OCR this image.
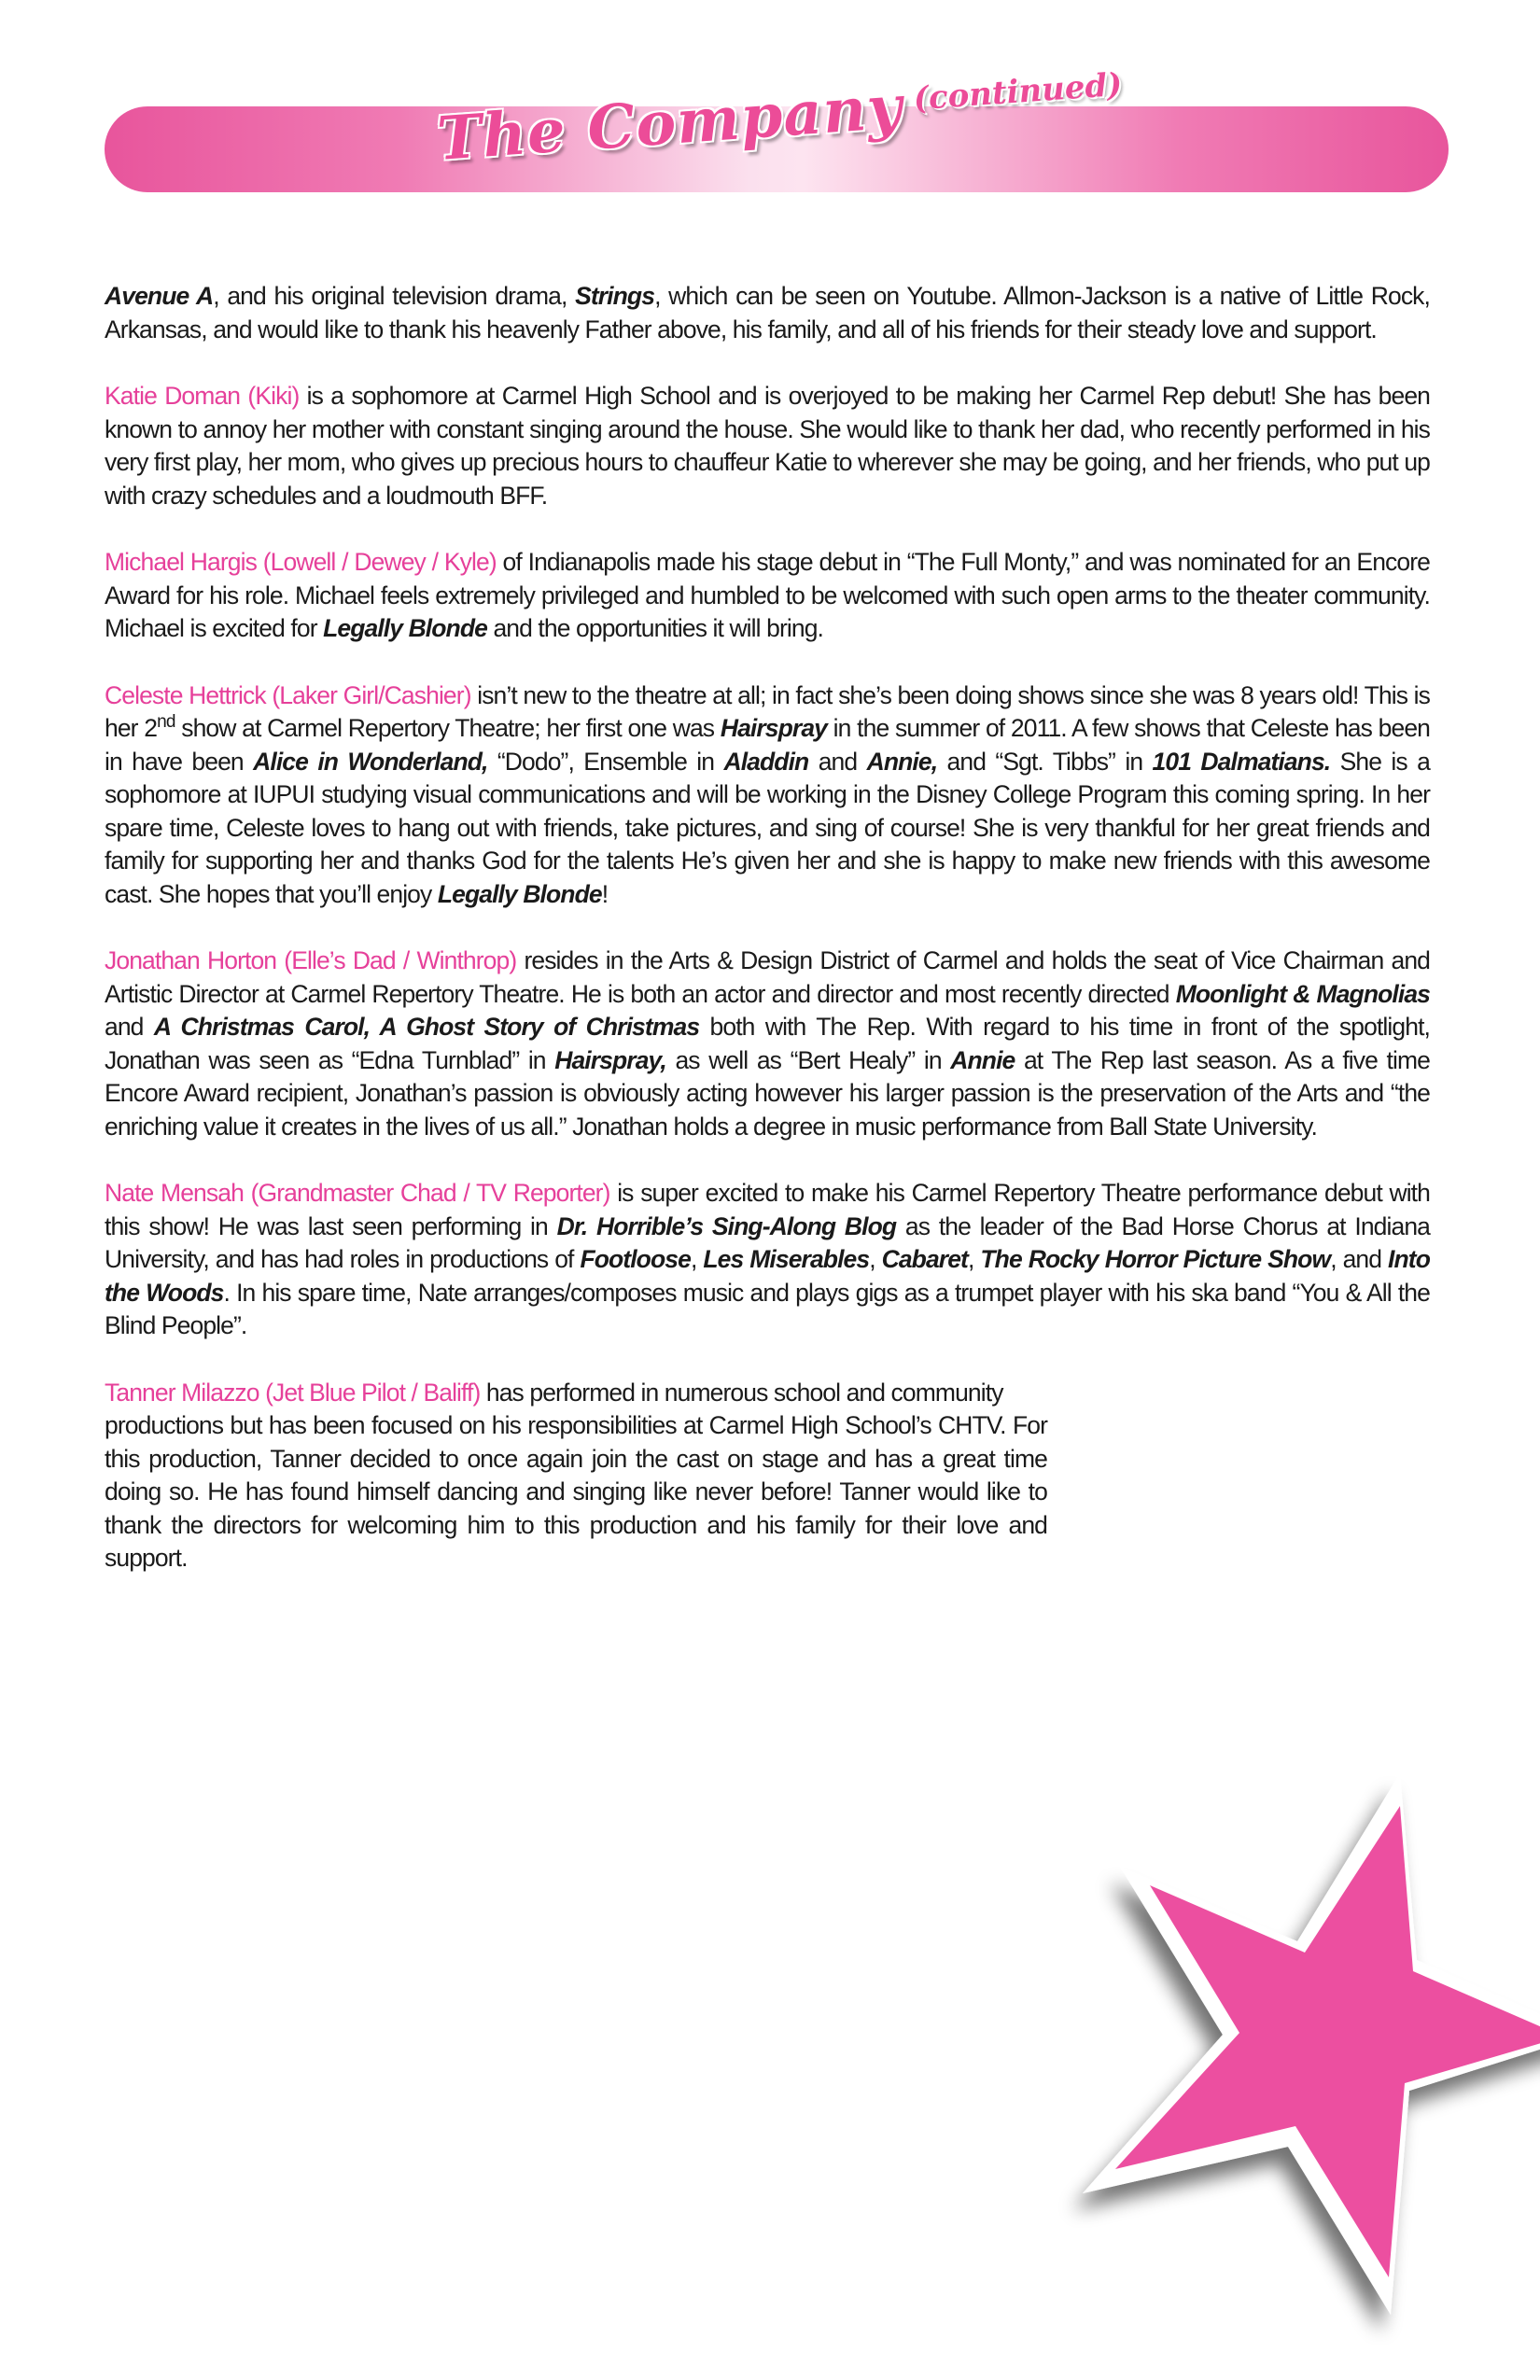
The Company (continued)

Avenue A, and his original television drama, Strings, which can be seen on Youtube. Allmon-Jackson is a native of Little Rock, Arkansas, and would like to thank his heavenly Father above, his family, and all of his friends for their steady love and support.

Katie Doman (Kiki) is a sophomore at Carmel High School and is overjoyed to be making her Carmel Rep debut! She has been known to annoy her mother with constant singing around the house. She would like to thank her dad, who recently performed in his very first play, her mom, who gives up precious hours to chauffeur Katie to wherever she may be going, and her friends, who put up with crazy schedules and a loudmouth BFF.

Michael Hargis (Lowell / Dewey / Kyle) of Indianapolis made his stage debut in “The Full Monty,” and was nominated for an Encore Award for his role. Michael feels extremely privileged and humbled to be welcomed with such open arms to the theater community. Michael is excited for Legally Blonde and the opportunities it will bring.

Celeste Hettrick (Laker Girl/Cashier) isn’t new to the theatre at all; in fact she’s been doing shows since she was 8 years old! This is her 2nd show at Carmel Repertory Theatre; her first one was Hairspray in the summer of 2011. A few shows that Celeste has been in have been Alice in Wonderland, “Dodo”, Ensemble in Aladdin and Annie, and “Sgt. Tibbs” in 101 Dalmatians. She is a sophomore at IUPUI studying visual communications and will be working in the Disney College Program this coming spring. In her spare time, Celeste loves to hang out with friends, take pictures, and sing of course! She is very thankful for her great friends and family for supporting her and thanks God for the talents He’s given her and she is happy to make new friends with this awesome cast. She hopes that you’ll enjoy Legally Blonde!

Jonathan Horton (Elle’s Dad / Winthrop) resides in the Arts & Design District of Carmel and holds the seat of Vice Chairman and Artistic Director at Carmel Repertory Theatre. He is both an actor and director and most recently directed Moonlight & Magnolias and A Christmas Carol, A Ghost Story of Christmas both with The Rep. With regard to his time in front of the spotlight, Jonathan was seen as “Edna Turnblad” in Hairspray, as well as “Bert Healy” in Annie at The Rep last season. As a five time Encore Award recipient, Jonathan’s passion is obviously acting however his larger passion is the preservation of the Arts and “the enriching value it creates in the lives of us all.” Jonathan holds a degree in music performance from Ball State University.

Nate Mensah (Grandmaster Chad / TV Reporter) is super excited to make his Carmel Repertory Theatre performance debut with this show! He was last seen performing in Dr. Horrible’s Sing-Along Blog as the leader of the Bad Horse Chorus at Indiana University, and has had roles in productions of Footloose, Les Miserables, Cabaret, The Rocky Horror Picture Show, and Into the Woods. In his spare time, Nate arranges/composes music and plays gigs as a trumpet player with his ska band “You & All the Blind People”.

Tanner Milazzo (Jet Blue Pilot / Baliff) has performed in numerous school and community
productions but has been focused on his responsibilities at Carmel High School’s CHTV. For this production, Tanner decided to once again join the cast on stage and has a great time doing so. He has found himself dancing and singing like never before! Tanner would like to thank the directors for welcoming him to this production and his family for their love and support.
